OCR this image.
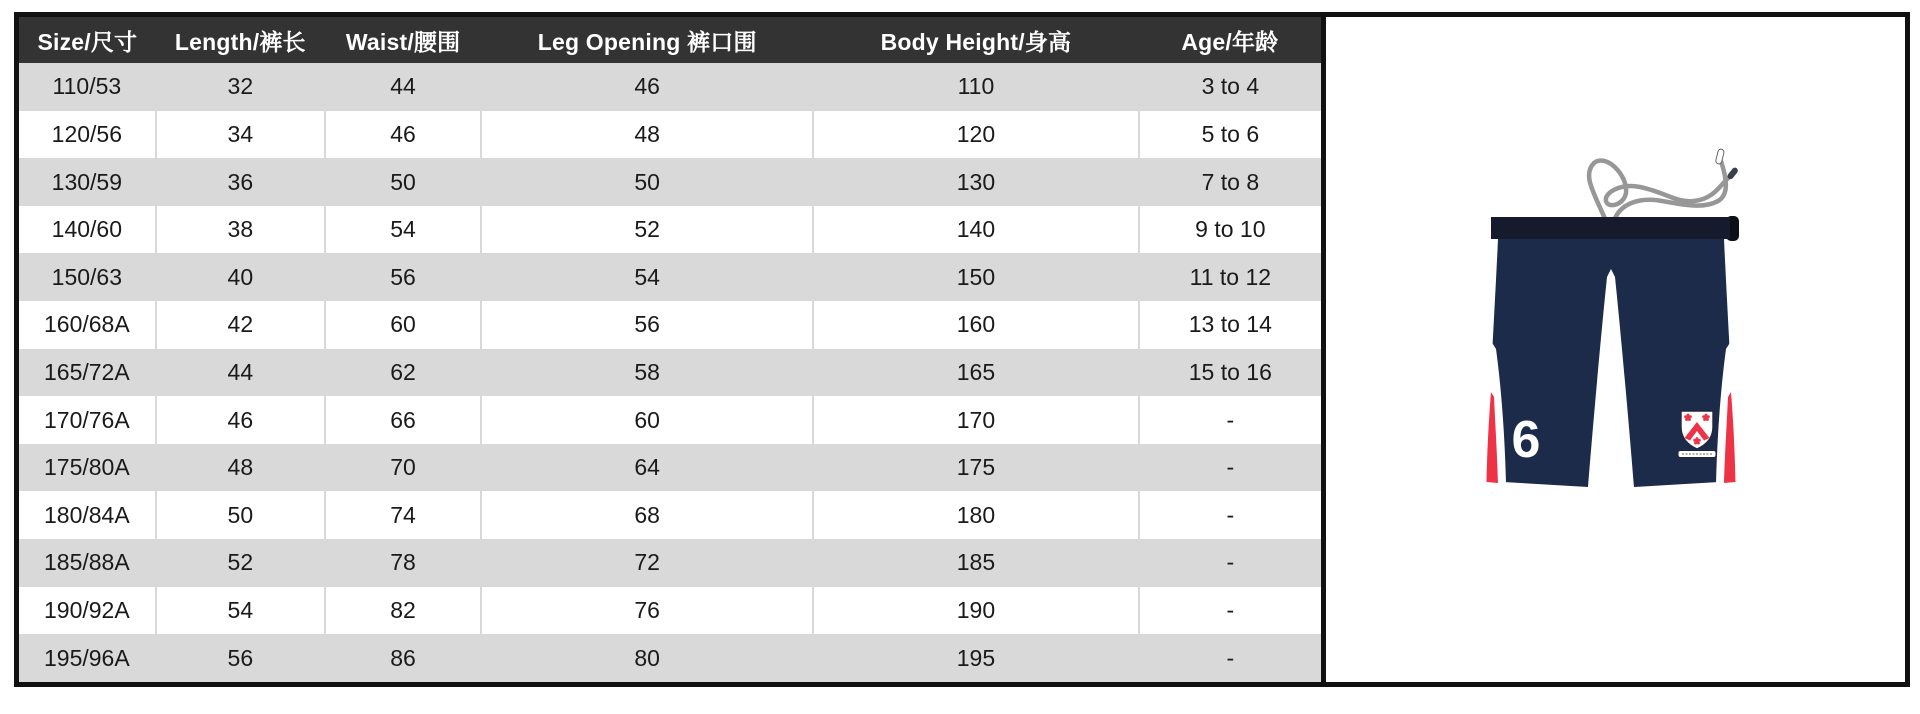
Size/尺寸	Length/裤长	Waist/腰围	Leg Opening 裤口围	Body Height/身高	Age/年龄
110/53	32	44	46	110	3 to 4
120/56	34	46	48	120	5 to 6
130/59	36	50	50	130	7 to 8
140/60	38	54	52	140	9 to 10
150/63	40	56	54	150	11 to 12
160/68A	42	60	56	160	13 to 14
165/72A	44	62	58	165	15 to 16
170/76A	46	66	60	170	-
175/80A	48	70	64	175	-
180/84A	50	74	68	180	-
185/88A	52	78	72	185	-
190/92A	54	82	76	190	-
195/96A	56	86	80	195	-
6
